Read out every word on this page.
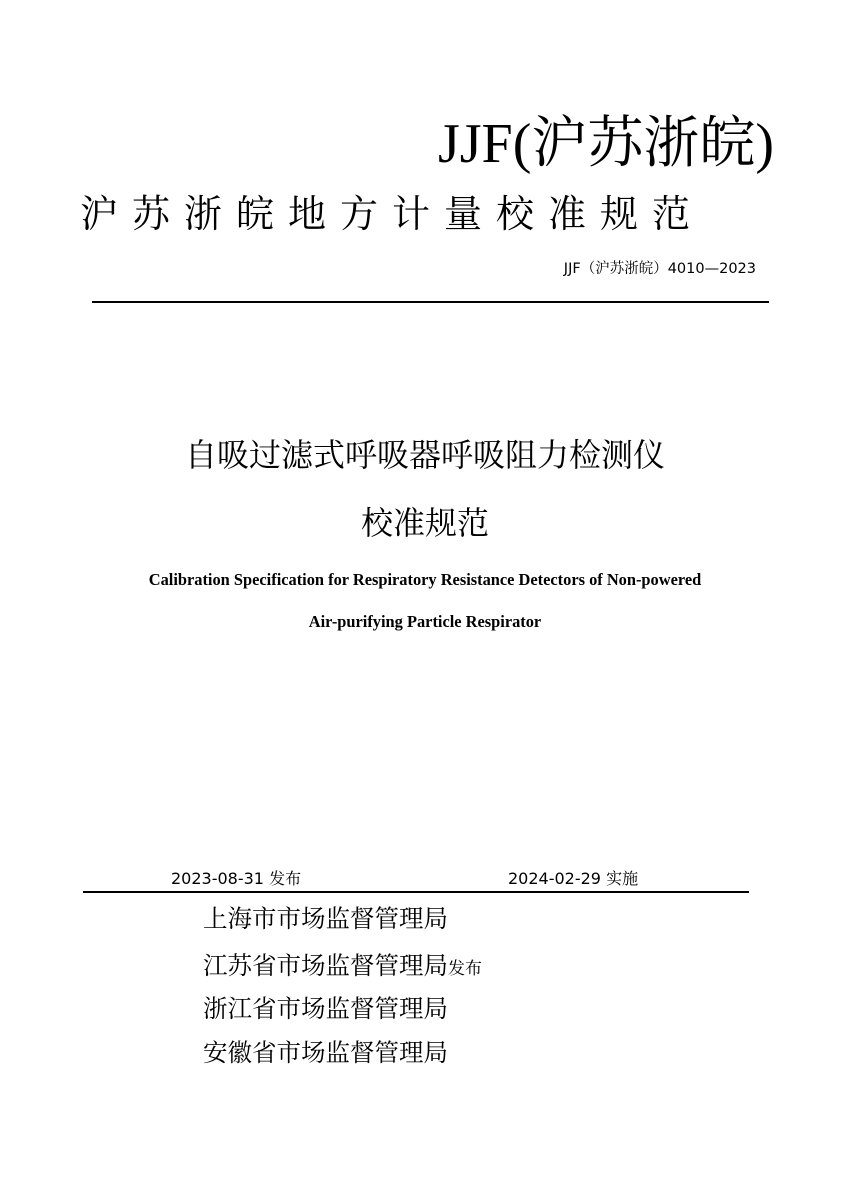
JJF(沪苏浙皖)
沪苏浙皖地方计量校准规范
JJF（沪苏浙皖）4010—2023
自吸过滤式呼吸器呼吸阻力检测仪
校准规范
Calibration Specification for Respiratory Resistance Detectors of Non-powered
Air-purifying Particle Respirator
2023-08-31 发布	2024-02-29 实施
上海市市场监督管理局
江苏省市场监督管理局发布
浙江省市场监督管理局
安徽省市场监督管理局
